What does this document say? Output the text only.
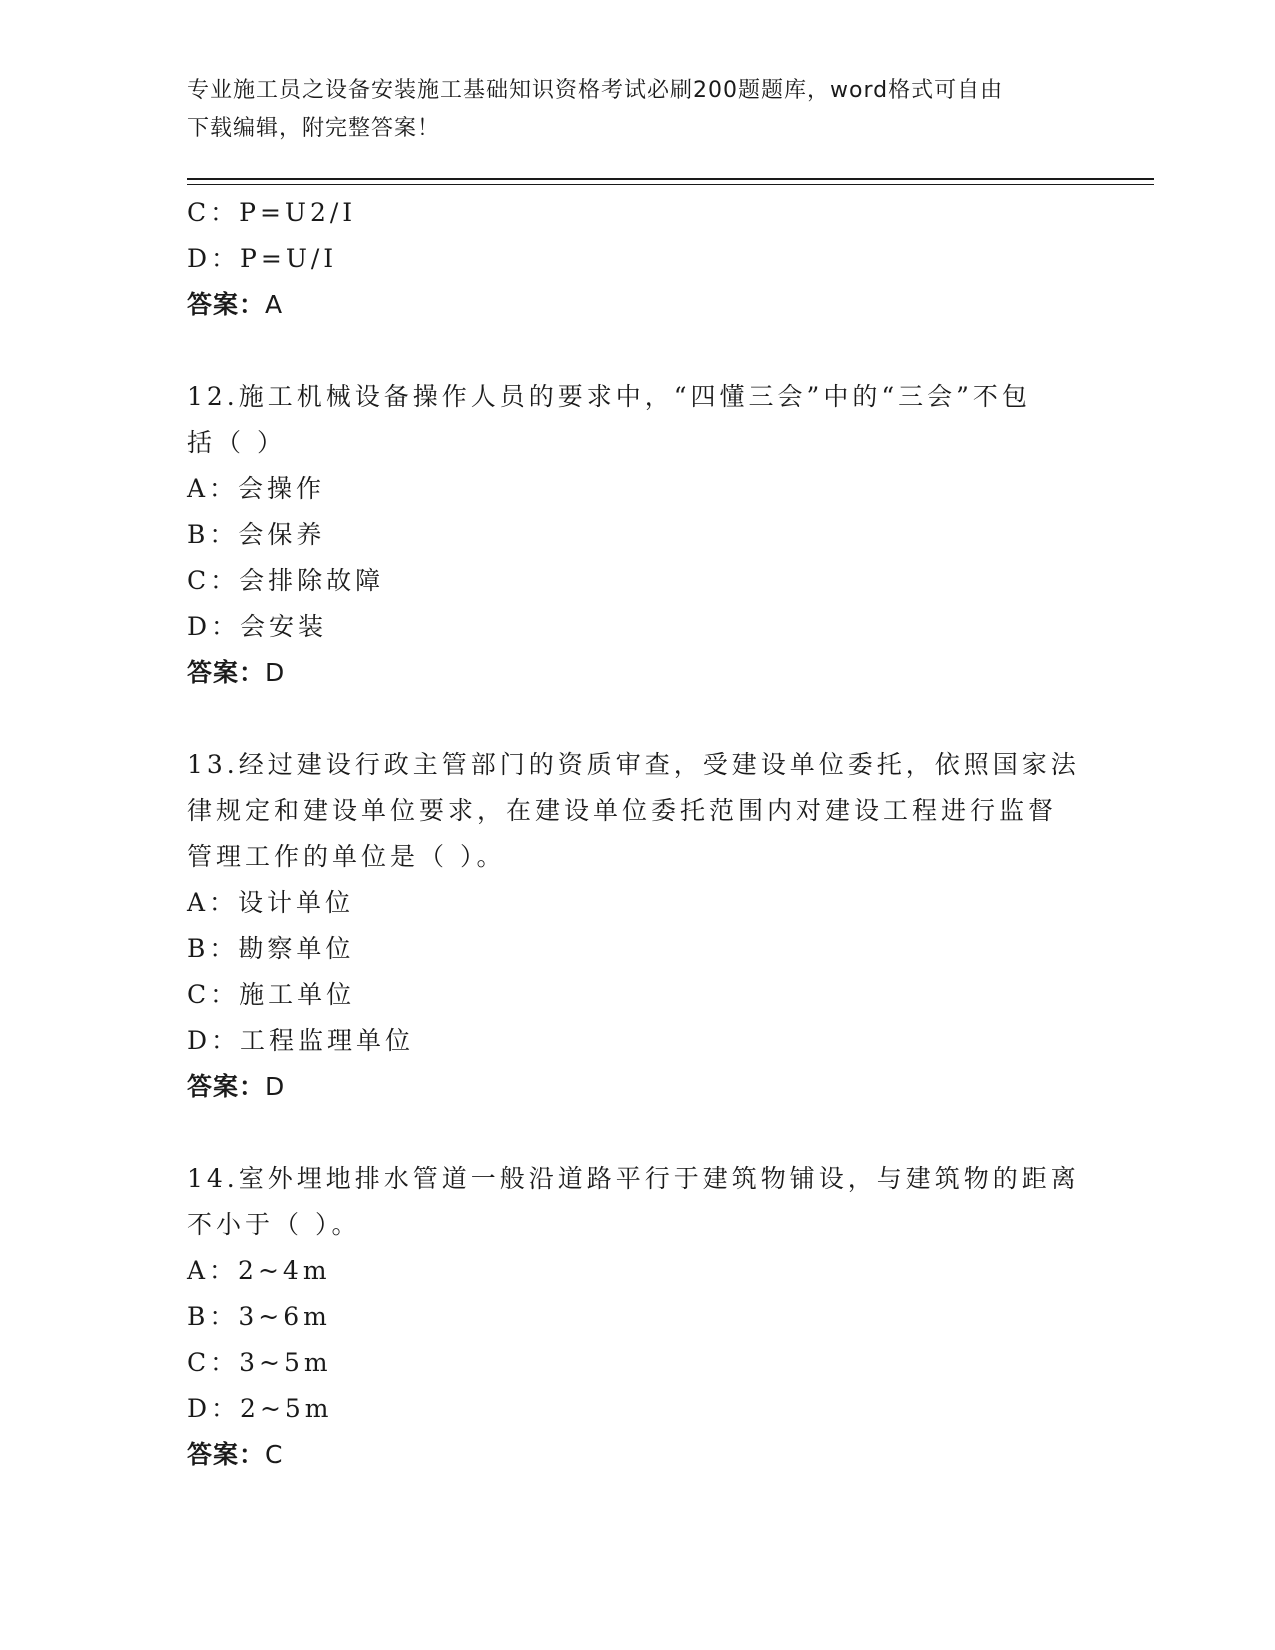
专业施工员之设备安装施工基础知识资格考试必刷200题题库，word格式可自由
下载编辑，附完整答案！
C：P=U2/I
D：P=U/I
答案：A
12.施工机械设备操作人员的要求中，“四懂三会”中的“三会”不包
括（ ）
A：会操作
B：会保养
C：会排除故障
D：会安装
答案：D
13.经过建设行政主管部门的资质审查，受建设单位委托，依照国家法
律规定和建设单位要求，在建设单位委托范围内对建设工程进行监督
管理工作的单位是（ ）。
A：设计单位
B：勘察单位
C：施工单位
D：工程监理单位
答案：D
14.室外埋地排水管道一般沿道路平行于建筑物铺设，与建筑物的距离
不小于（ ）。
A：2~4m
B：3~6m
C：3~5m
D：2~5m
答案：C
